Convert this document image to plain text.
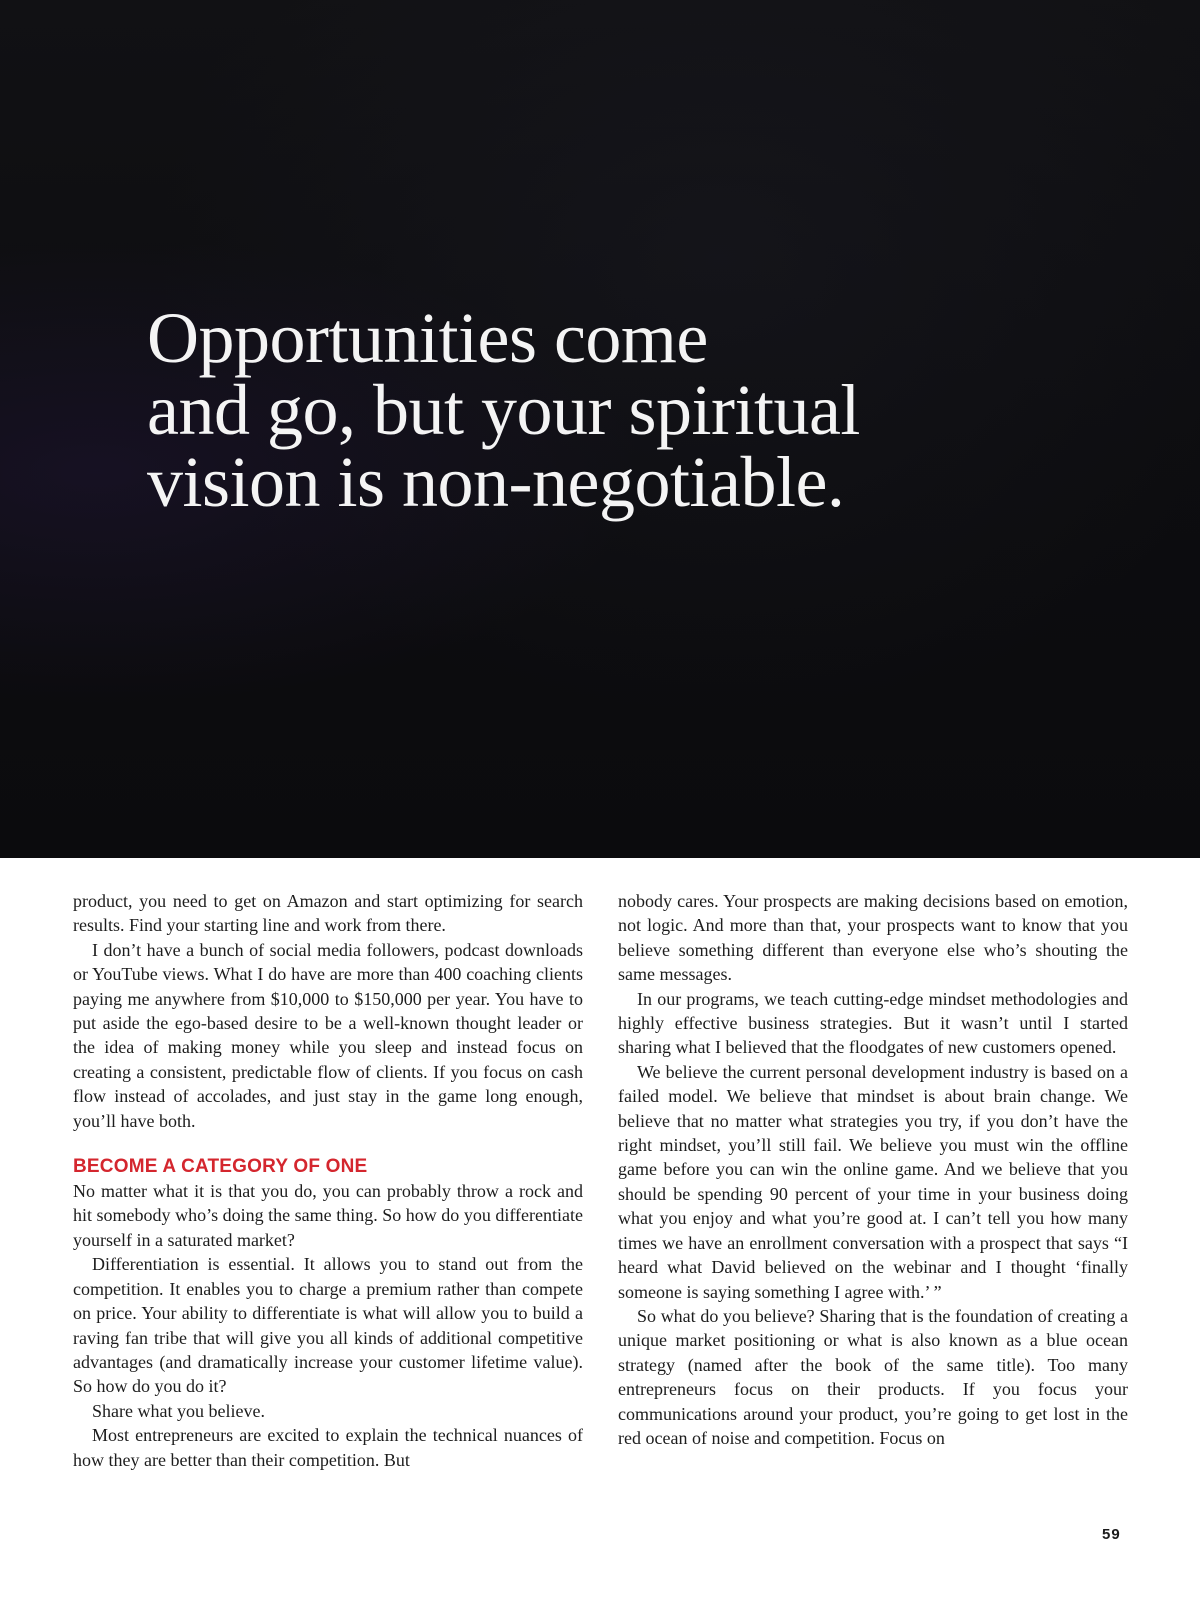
Opportunities come
and go, but your spiritual
vision is non-negotiable.

product, you need to get on Amazon and start optimizing for search results. Find your starting line and work from there.

I don’t have a bunch of social media followers, podcast downloads or YouTube views. What I do have are more than 400 coaching clients paying me anywhere from $10,000 to $150,000 per year. You have to put aside the ego-based desire to be a well-known thought leader or the idea of making money while you sleep and instead focus on creating a consistent, predictable flow of clients. If you focus on cash flow instead of accolades, and just stay in the game long enough, you’ll have both.

BECOME A CATEGORY OF ONE

No matter what it is that you do, you can probably throw a rock and hit somebody who’s doing the same thing. So how do you differentiate yourself in a saturated market?

Differentiation is essential. It allows you to stand out from the competition. It enables you to charge a premium rather than compete on price. Your ability to differentiate is what will allow you to build a raving fan tribe that will give you all kinds of additional competitive advantages (and dramatically increase your customer lifetime value). So how do you do it?

Share what you believe.

Most entrepreneurs are excited to explain the technical nuances of how they are better than their competition. But

nobody cares. Your prospects are making decisions based on emotion, not logic. And more than that, your prospects want to know that you believe something different than everyone else who’s shouting the same messages.

In our programs, we teach cutting-edge mindset methodologies and highly effective business strategies. But it wasn’t until I started sharing what I believed that the floodgates of new customers opened.

We believe the current personal development industry is based on a failed model. We believe that mindset is about brain change. We believe that no matter what strategies you try, if you don’t have the right mindset, you’ll still fail. We believe you must win the offline game before you can win the online game. And we believe that you should be spending 90 percent of your time in your business doing what you enjoy and what you’re good at. I can’t tell you how many times we have an enrollment conversation with a prospect that says “I heard what David believed on the webinar and I thought ‘finally someone is saying something I agree with.’ ”

So what do you believe? Sharing that is the foundation of creating a unique market positioning or what is also known as a blue ocean strategy (named after the book of the same title). Too many entrepreneurs focus on their products. If you focus your communications around your product, you’re going to get lost in the red ocean of noise and competition. Focus on

59
